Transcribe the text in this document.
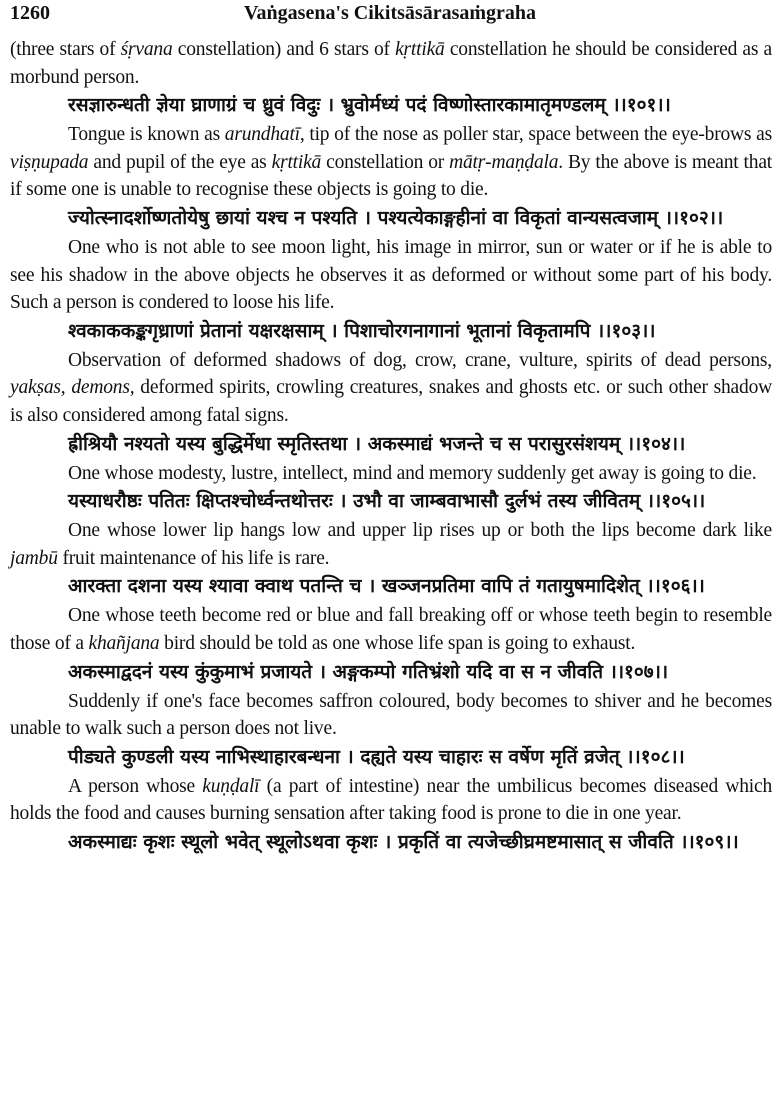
1260	Vaṅgasena's Cikitsāsārasaṁgraha

(three stars of śṛvana constellation) and 6 stars of kṛttikā constellation he should be considered as a morbund person.

रसज्ञारुन्धती ज्ञेया घ्राणाग्रं च ध्रुवं विदुः । भ्रुवोर्मध्यं पदं विष्णोस्तारकामातृमण्डलम् ।।१०१।।

Tongue is known as arundhatī, tip of the nose as poller star, space between the eye-brows as viṣṇupada and pupil of the eye as kṛttikā constellation or mātṛ-maṇḍala. By the above is meant that if some one is unable to recognise these objects is going to die.

ज्योत्स्नादर्शोष्णतोयेषु छायां यश्च न पश्यति । पश्यत्येकाङ्गहीनां वा विकृतां वान्यसत्वजाम् ।।१०२।।

One who is not able to see moon light, his image in mirror, sun or water or if he is able to see his shadow in the above objects he observes it as deformed or without some part of his body. Such a person is condered to loose his life.

श्वकाककङ्कगृध्राणां प्रेतानां यक्षरक्षसाम् । पिशाचोरगनागानां भूतानां विकृतामपि ।।१०३।।

Observation of deformed shadows of dog, crow, crane, vulture, spirits of dead persons, yakṣas, demons, deformed spirits, crowling creatures, snakes and ghosts etc. or such other shadow is also considered among fatal signs.

ह्रीश्रियौ नश्यतो यस्य बुद्धिर्मेधा स्मृतिस्तथा । अकस्माद्यं भजन्ते च स परासुरसंशयम् ।।१०४।।

One whose modesty, lustre, intellect, mind and memory suddenly get away is going to die.

यस्याधरौष्ठः पतितः क्षिप्तश्चोर्ध्वन्तथोत्तरः । उभौ वा जाम्बवाभासौ दुर्लभं तस्य जीवितम् ।।१०५।।

One whose lower lip hangs low and upper lip rises up or both the lips become dark like jambū fruit maintenance of his life is rare.

आरक्ता दशना यस्य श्यावा क्वाथ पतन्ति च । खञ्जनप्रतिमा वापि तं गतायुषमादिशेत् ।।१०६।।

One whose teeth become red or blue and fall breaking off or whose teeth begin to resemble those of a khañjana bird should be told as one whose life span is going to exhaust.

अकस्माद्वदनं यस्य कुंकुमाभं प्रजायते । अङ्गकम्पो गतिभ्रंशो यदि वा स न जीवति ।।१०७।।

Suddenly if one's face becomes saffron coloured, body becomes to shiver and he becomes unable to walk such a person does not live.

पीड्यते कुण्डली यस्य नाभिस्थाहारबन्धना । दह्यते यस्य चाहारः स वर्षेण मृतिं व्रजेत् ।।१०८।।

A person whose kuṇḍalī (a part of intestine) near the umbilicus becomes diseased which holds the food and causes burning sensation after taking food is prone to die in one year.

अकस्माद्यः कृशः स्थूलो भवेत् स्थूलोऽथवा कृशः । प्रकृतिं वा त्यजेच्छीघ्रमष्टमासात् स जीवति ।।१०९।।
